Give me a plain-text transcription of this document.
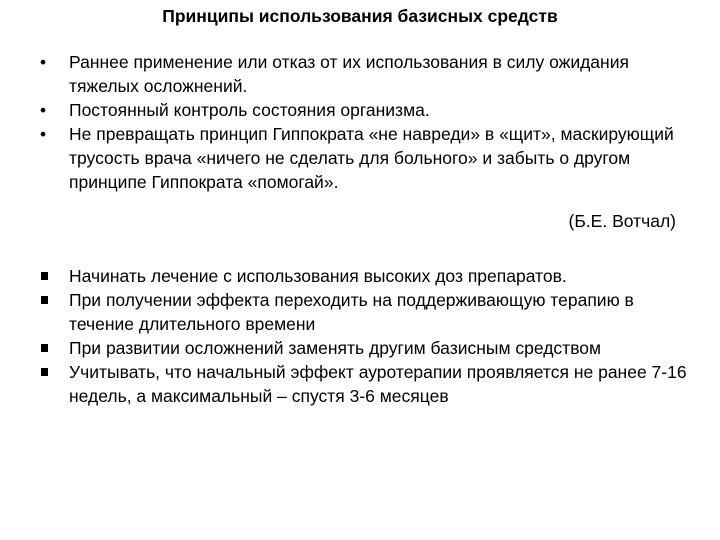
Принципы использования базисных средств
• Раннее применение или отказ от их использования в силу ожидания тяжелых осложнений.
• Постоянный контроль состояния организма.
• Не превращать принцип Гиппократа «не навреди» в «щит», маскирующий трусость врача «ничего не сделать для больного» и забыть о другом принципе Гиппократа «помогай».
(Б.Е. Вотчал)
Начинать лечение с использования высоких доз препаратов.
При получении эффекта переходить на поддерживающую терапию в течение длительного времени
При развитии осложнений заменять другим базисным средством
Учитывать, что начальный эффект ауротерапии проявляется не ранее 7-16 недель, а максимальный – спустя 3-6 месяцев
